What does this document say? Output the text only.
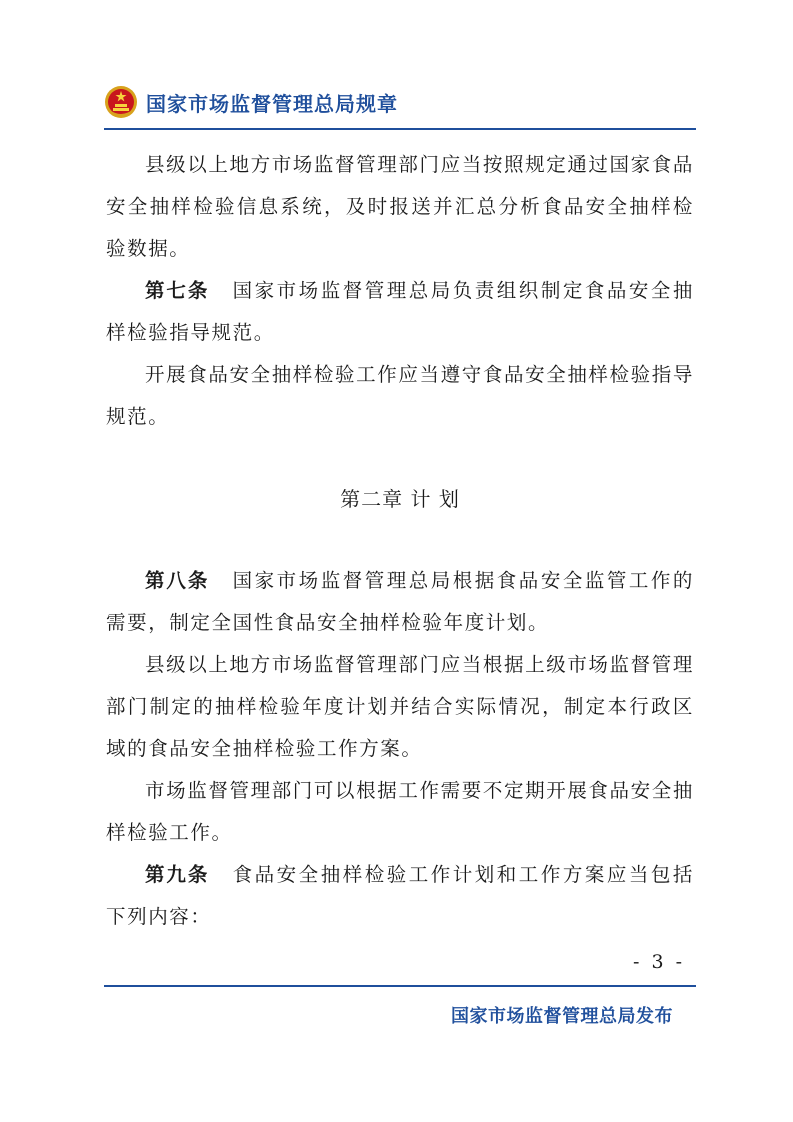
国家市场监督管理总局规章

县级以上地方市场监督管理部门应当按照规定通过国家食品安全抽样检验信息系统，及时报送并汇总分析食品安全抽样检验数据。

第七条 国家市场监督管理总局负责组织制定食品安全抽样检验指导规范。

开展食品安全抽样检验工作应当遵守食品安全抽样检验指导规范。

第二章 计 划

第八条 国家市场监督管理总局根据食品安全监管工作的需要，制定全国性食品安全抽样检验年度计划。

县级以上地方市场监督管理部门应当根据上级市场监督管理部门制定的抽样检验年度计划并结合实际情况，制定本行政区域的食品安全抽样检验工作方案。

市场监督管理部门可以根据工作需要不定期开展食品安全抽样检验工作。

第九条 食品安全抽样检验工作计划和工作方案应当包括下列内容：

- 3 -
国家市场监督管理总局发布
